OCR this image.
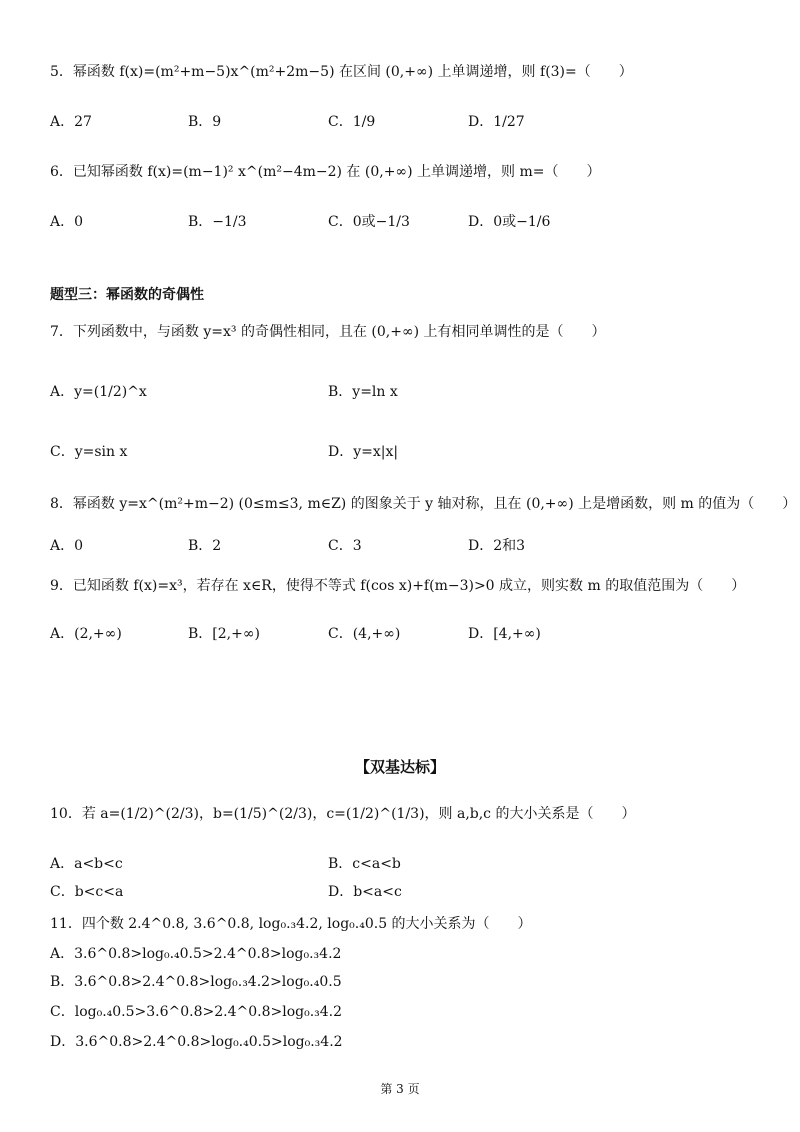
5．幂函数 f(x)=(m²+m−5)x^(m²+2m−5) 在区间 (0,+∞) 上单调递增，则 f(3)=（　　）
A．27	B．9	C．1/9	D．1/27
6．已知幂函数 f(x)=(m−1)² x^(m²−4m−2) 在 (0,+∞) 上单调递增，则 m=（　　）
A．0	B．−1/3	C．0或−1/3	D．0或−1/6
题型三：幂函数的奇偶性
7．下列函数中，与函数 y=x³ 的奇偶性相同，且在 (0,+∞) 上有相同单调性的是（　　）
A．y=(1/2)^x	B．y=ln x
C．y=sin x	D．y=x|x|
8．幂函数 y=x^(m²+m−2) (0≤m≤3, m∈Z) 的图象关于 y 轴对称，且在 (0,+∞) 上是增函数，则 m 的值为（　　）
A．0	B．2	C．3	D．2和3
9．已知函数 f(x)=x³，若存在 x∈R，使得不等式 f(cos x)+f(m−3)>0 成立，则实数 m 的取值范围为（　　）
A．(2,+∞)	B．[2,+∞)	C．(4,+∞)	D．[4,+∞)
【双基达标】
10．若 a=(1/2)^(2/3)，b=(1/5)^(2/3)，c=(1/2)^(1/3)，则 a,b,c 的大小关系是（　　）
A．a<b<c	B．c<a<b
C．b<c<a	D．b<a<c
11．四个数 2.4^0.8, 3.6^0.8, log₀.₃4.2, log₀.₄0.5 的大小关系为（　　）
A．3.6^0.8>log₀.₄0.5>2.4^0.8>log₀.₃4.2
B．3.6^0.8>2.4^0.8>log₀.₃4.2>log₀.₄0.5
C．log₀.₄0.5>3.6^0.8>2.4^0.8>log₀.₃4.2
D．3.6^0.8>2.4^0.8>log₀.₄0.5>log₀.₃4.2
第 3 页
